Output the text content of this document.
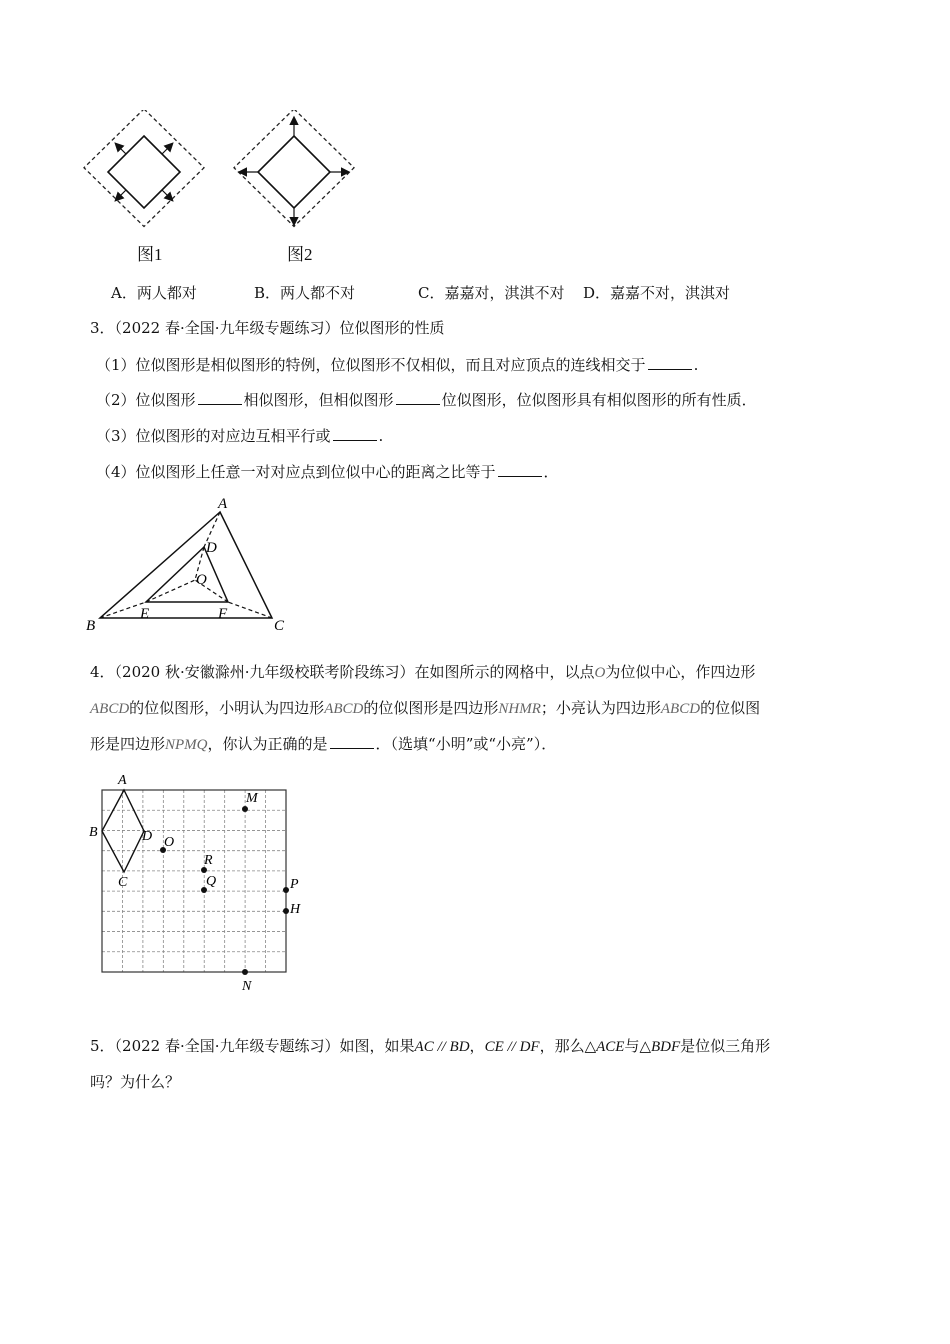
图1	图2
A．两人都对	B．两人都不对	C．嘉嘉对，淇淇不对 D．嘉嘉不对，淇淇对
3．（2022 春·全国·九年级专题练习）位似图形的性质
（1）位似图形是相似图形的特例，位似图形不仅相似，而且对应顶点的连线相交于	.
（2）位似图形	相似图形，但相似图形	位似图形，位似图形具有相似图形的所有性质．
（3）位似图形的对应边互相平行或	.
（4）位似图形上任意一对对应点到位似中心的距离之比等于	．
A
B	C
D
E	F
O
4．（2020 秋·安徽滁州·九年级校联考阶段练习）在如图所示的网格中，以点O为位似中心，作四边形
ABCD的位似图形，小明认为四边形ABCD的位似图形是四边形NHMR；小亮认为四边形ABCD的位似图
形是四边形NPMQ，你认为正确的是	．（选填“小明”或“小亮”）．
A
B
C
D O
M
R
Q	P
H
N
5．（2022 春·全国·九年级专题练习）如图，如果AC // BD，CE // DF，那么△ACE与△BDF是位似三角形
吗？为什么？
